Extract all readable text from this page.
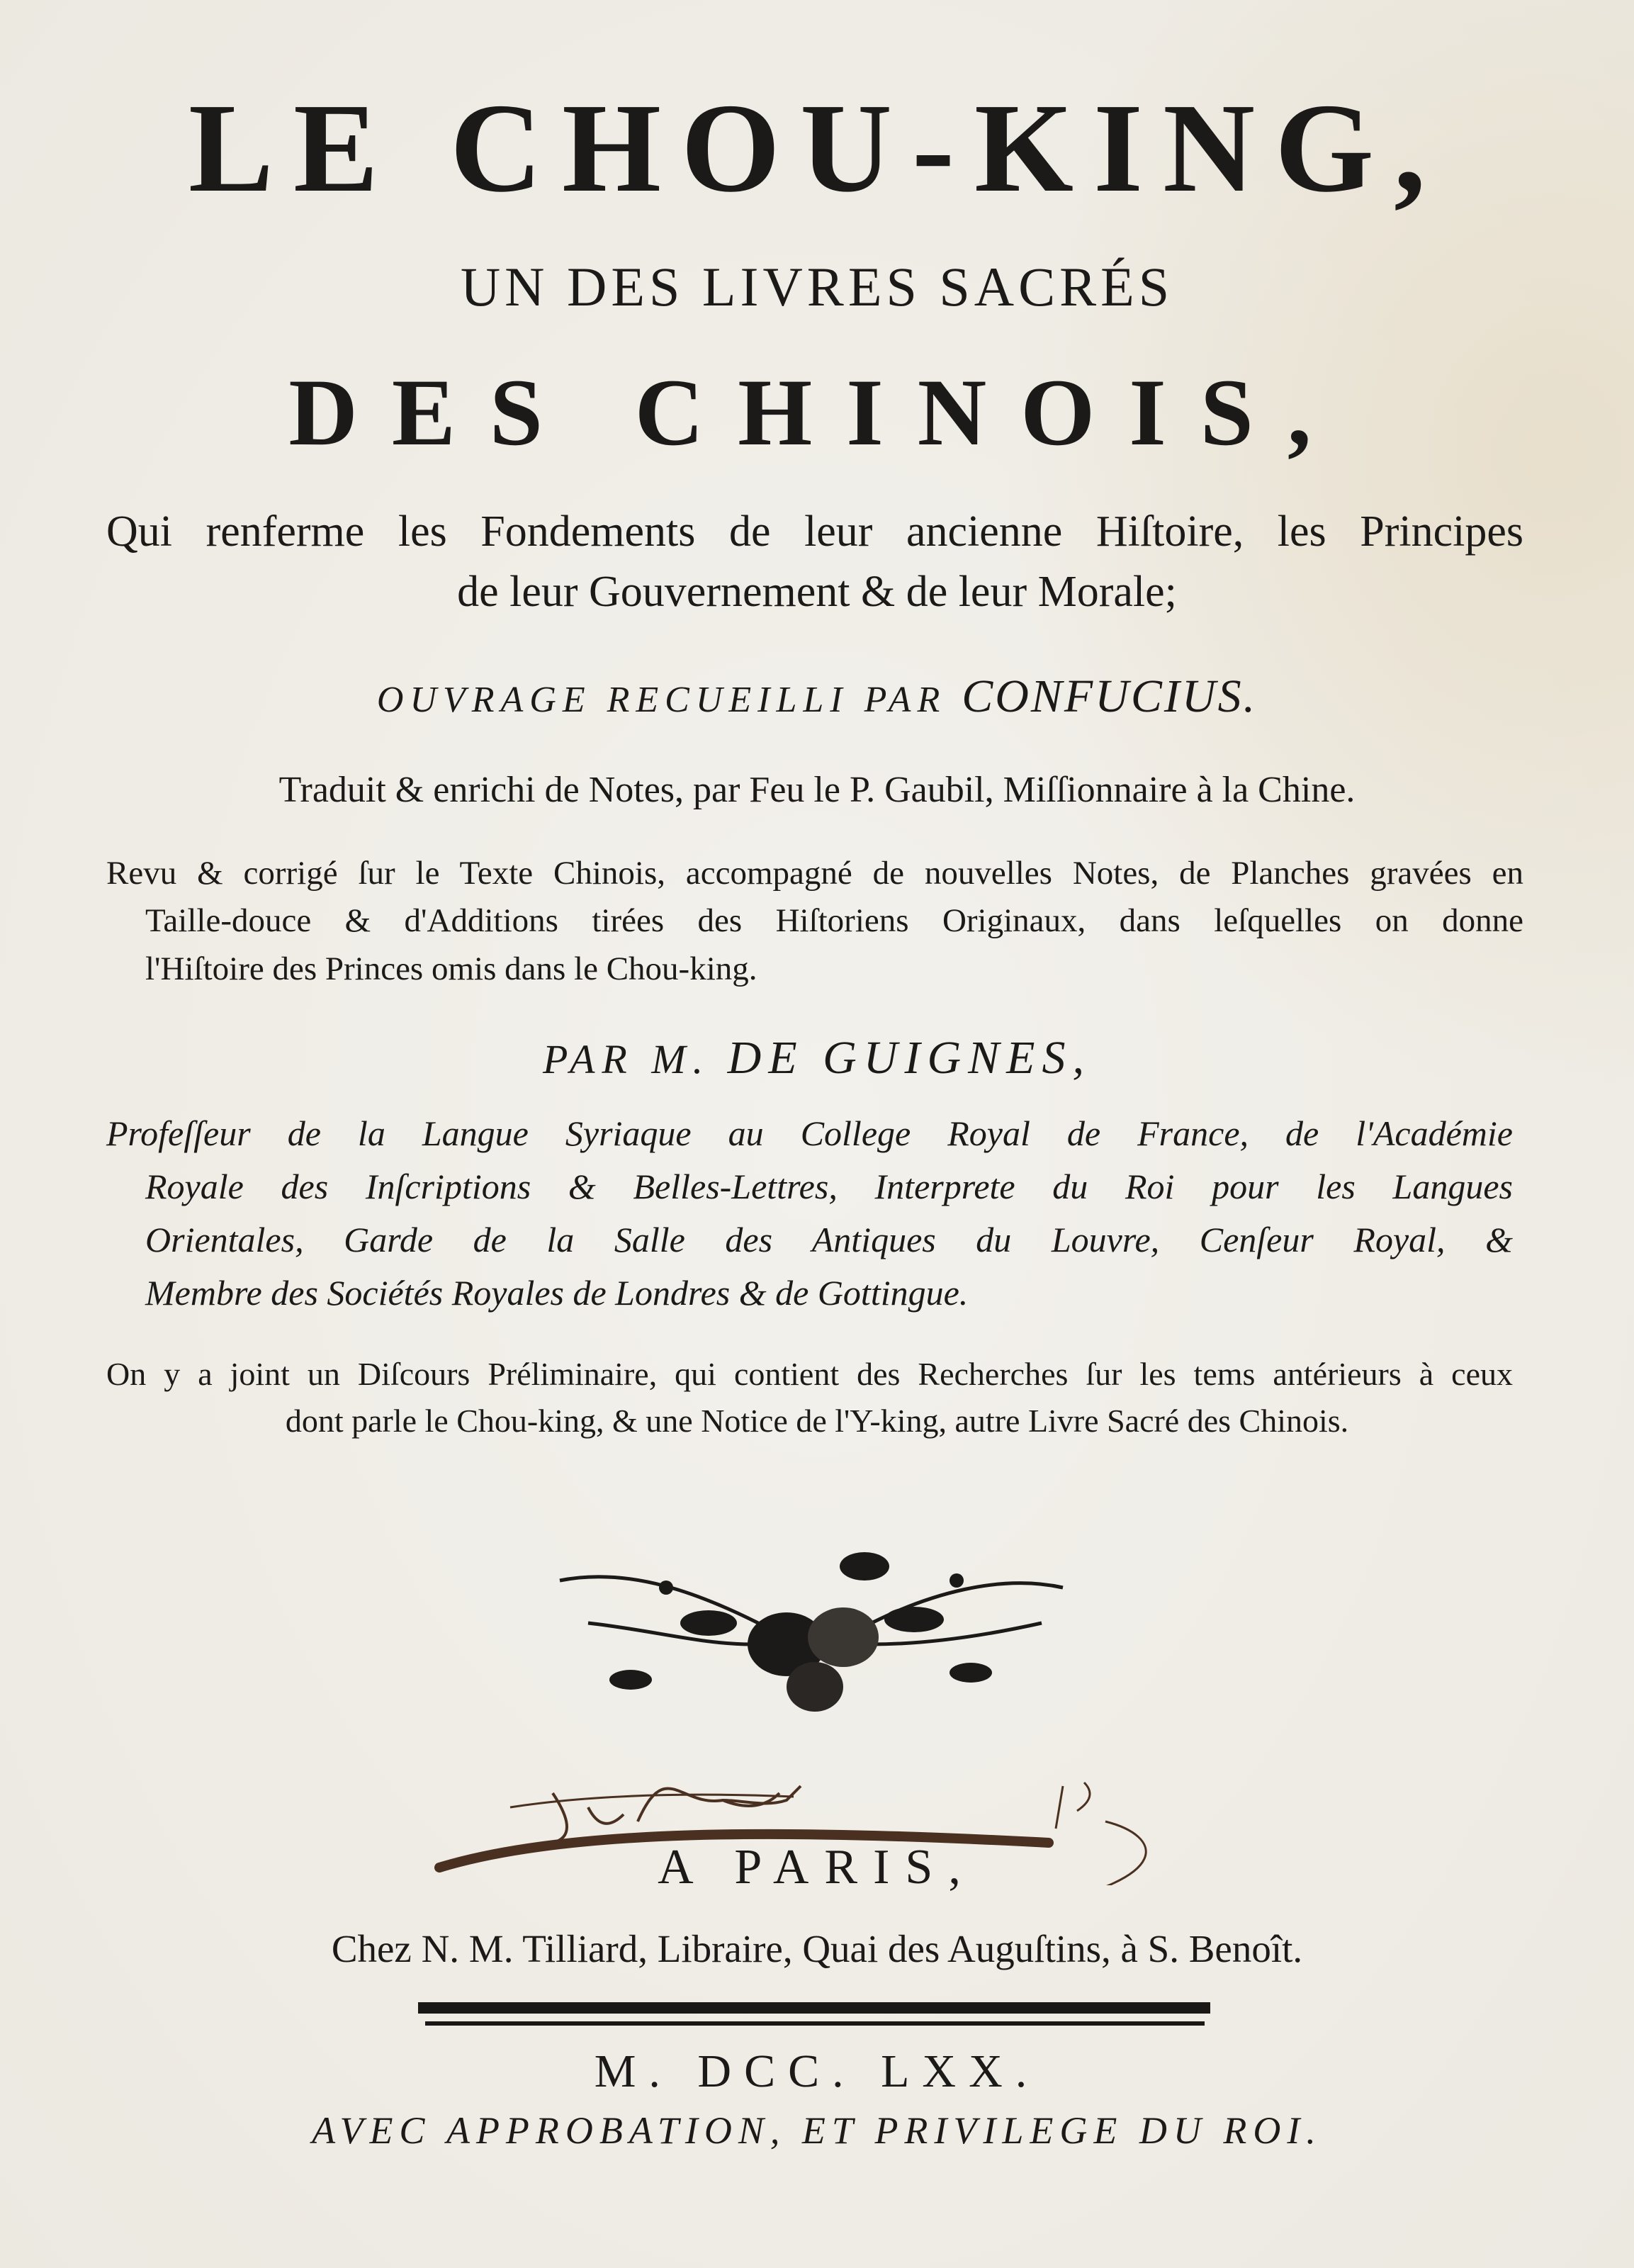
LE CHOU-KING,
UN DES LIVRES SACRÉS
DES CHINOIS,
Qui renferme les Fondements de leur ancienne Hiſtoire, les Principes
de leur Gouvernement & de leur Morale;
OUVRAGE RECUEILLI PAR CONFUCIUS.
Traduit & enrichi de Notes, par Feu le P. Gaubil, Miſſionnaire à la Chine.
Revu & corrigé ſur le Texte Chinois, accompagné de nouvelles Notes, de Planches gravées en
Taille-douce & d'Additions tirées des Hiſtoriens Originaux, dans leſquelles on donne
l'Hiſtoire des Princes omis dans le Chou-king.
PAR M. DE GUIGNES,
Profeſſeur de la Langue Syriaque au College Royal de France, de l'Académie
Royale des Inſcriptions & Belles-Lettres, Interprete du Roi pour les Langues
Orientales, Garde de la Salle des Antiques du Louvre, Cenſeur Royal, &
Membre des Sociétés Royales de Londres & de Gottingue.
On y a joint un Diſcours Préliminaire, qui contient des Recherches ſur les tems antérieurs à ceux
dont parle le Chou-king, & une Notice de l'Y-king, autre Livre Sacré des Chinois.
A PARIS,
Chez N. M. Tilliard, Libraire, Quai des Auguſtins, à S. Benoît.
M. DCC. LXX.
AVEC APPROBATION, ET PRIVILEGE DU ROI.
